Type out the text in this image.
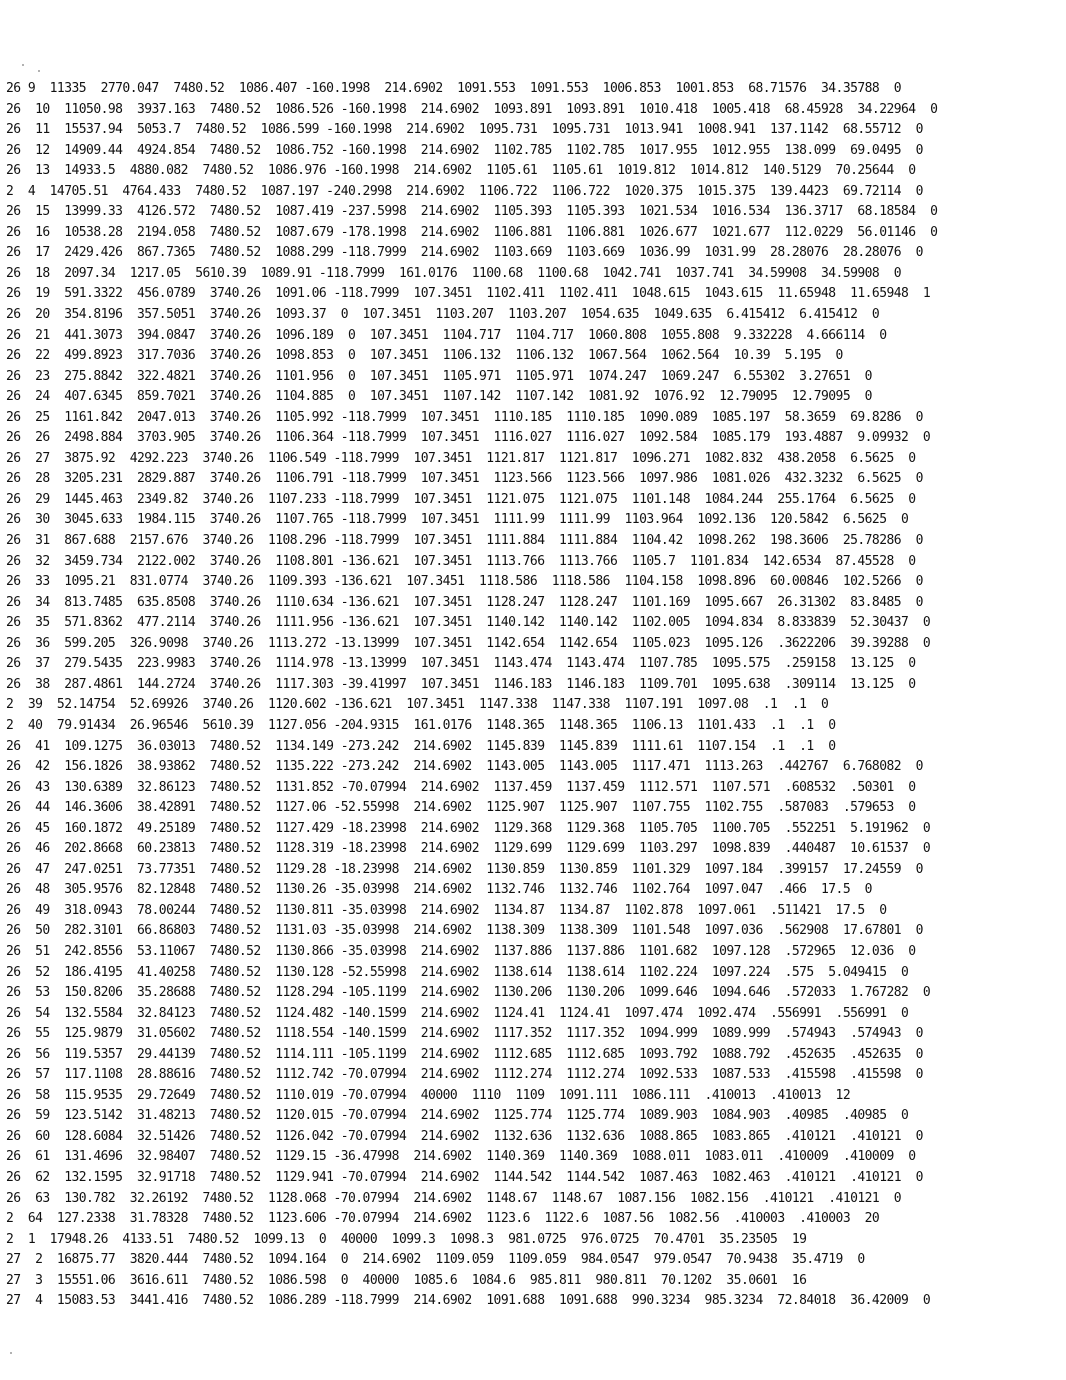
26 9  11335  2770.047  7480.52  1086.407 -160.1998  214.6902  1091.553  1091.553  1006.853  1001.853  68.71576  34.35788  0
26  10  11050.98  3937.163  7480.52  1086.526 -160.1998  214.6902  1093.891  1093.891  1010.418  1005.418  68.45928  34.22964  0
26  11  15537.94  5053.7  7480.52  1086.599 -160.1998  214.6902  1095.731  1095.731  1013.941  1008.941  137.1142  68.55712  0
26  12  14909.44  4924.854  7480.52  1086.752 -160.1998  214.6902  1102.785  1102.785  1017.955  1012.955  138.099  69.0495  0
26  13  14933.5  4880.082  7480.52  1086.976 -160.1998  214.6902  1105.61  1105.61  1019.812  1014.812  140.5129  70.25644  0
2  4  14705.51  4764.433  7480.52  1087.197 -240.2998  214.6902  1106.722  1106.722  1020.375  1015.375  139.4423  69.72114  0
26  15  13999.33  4126.572  7480.52  1087.419 -237.5998  214.6902  1105.393  1105.393  1021.534  1016.534  136.3717  68.18584  0
26  16  10538.28  2194.058  7480.52  1087.679 -178.1998  214.6902  1106.881  1106.881  1026.677  1021.677  112.0229  56.01146  0
26  17  2429.426  867.7365  7480.52  1088.299 -118.7999  214.6902  1103.669  1103.669  1036.99  1031.99  28.28076  28.28076  0
26  18  2097.34  1217.05  5610.39  1089.91 -118.7999  161.0176  1100.68  1100.68  1042.741  1037.741  34.59908  34.59908  0
26  19  591.3322  456.0789  3740.26  1091.06 -118.7999  107.3451  1102.411  1102.411  1048.615  1043.615  11.65948  11.65948  1
26  20  354.8196  357.5051  3740.26  1093.37  0  107.3451  1103.207  1103.207  1054.635  1049.635  6.415412  6.415412  0
26  21  441.3073  394.0847  3740.26  1096.189  0  107.3451  1104.717  1104.717  1060.808  1055.808  9.332228  4.666114  0
26  22  499.8923  317.7036  3740.26  1098.853  0  107.3451  1106.132  1106.132  1067.564  1062.564  10.39  5.195  0
26  23  275.8842  322.4821  3740.26  1101.956  0  107.3451  1105.971  1105.971  1074.247  1069.247  6.55302  3.27651  0
26  24  407.6345  859.7021  3740.26  1104.885  0  107.3451  1107.142  1107.142  1081.92  1076.92  12.79095  12.79095  0
26  25  1161.842  2047.013  3740.26  1105.992 -118.7999  107.3451  1110.185  1110.185  1090.089  1085.197  58.3659  69.8286  0
26  26  2498.884  3703.905  3740.26  1106.364 -118.7999  107.3451  1116.027  1116.027  1092.584  1085.179  193.4887  9.09932  0
26  27  3875.92  4292.223  3740.26  1106.549 -118.7999  107.3451  1121.817  1121.817  1096.271  1082.832  438.2058  6.5625  0
26  28  3205.231  2829.887  3740.26  1106.791 -118.7999  107.3451  1123.566  1123.566  1097.986  1081.026  432.3232  6.5625  0
26  29  1445.463  2349.82  3740.26  1107.233 -118.7999  107.3451  1121.075  1121.075  1101.148  1084.244  255.1764  6.5625  0
26  30  3045.633  1984.115  3740.26  1107.765 -118.7999  107.3451  1111.99  1111.99  1103.964  1092.136  120.5842  6.5625  0
26  31  867.688  2157.676  3740.26  1108.296 -118.7999  107.3451  1111.884  1111.884  1104.42  1098.262  198.3606  25.78286  0
26  32  3459.734  2122.002  3740.26  1108.801 -136.621  107.3451  1113.766  1113.766  1105.7  1101.834  142.6534  87.45528  0
26  33  1095.21  831.0774  3740.26  1109.393 -136.621  107.3451  1118.586  1118.586  1104.158  1098.896  60.00846  102.5266  0
26  34  813.7485  635.8508  3740.26  1110.634 -136.621  107.3451  1128.247  1128.247  1101.169  1095.667  26.31302  83.8485  0
26  35  571.8362  477.2114  3740.26  1111.956 -136.621  107.3451  1140.142  1140.142  1102.005  1094.834  8.833839  52.30437  0
26  36  599.205  326.9098  3740.26  1113.272 -13.13999  107.3451  1142.654  1142.654  1105.023  1095.126  .3622206  39.39288  0
26  37  279.5435  223.9983  3740.26  1114.978 -13.13999  107.3451  1143.474  1143.474  1107.785  1095.575  .259158  13.125  0
26  38  287.4861  144.2724  3740.26  1117.303 -39.41997  107.3451  1146.183  1146.183  1109.701  1095.638  .309114  13.125  0
2  39  52.14754  52.69926  3740.26  1120.602 -136.621  107.3451  1147.338  1147.338  1107.191  1097.08  .1  .1  0
2  40  79.91434  26.96546  5610.39  1127.056 -204.9315  161.0176  1148.365  1148.365  1106.13  1101.433  .1  .1  0
26  41  109.1275  36.03013  7480.52  1134.149 -273.242  214.6902  1145.839  1145.839  1111.61  1107.154  .1  .1  0
26  42  156.1826  38.93862  7480.52  1135.222 -273.242  214.6902  1143.005  1143.005  1117.471  1113.263  .442767  6.768082  0
26  43  130.6389  32.86123  7480.52  1131.852 -70.07994  214.6902  1137.459  1137.459  1112.571  1107.571  .608532  .50301  0
26  44  146.3606  38.42891  7480.52  1127.06 -52.55998  214.6902  1125.907  1125.907  1107.755  1102.755  .587083  .579653  0
26  45  160.1872  49.25189  7480.52  1127.429 -18.23998  214.6902  1129.368  1129.368  1105.705  1100.705  .552251  5.191962  0
26  46  202.8668  60.23813  7480.52  1128.319 -18.23998  214.6902  1129.699  1129.699  1103.297  1098.839  .440487  10.61537  0
26  47  247.0251  73.77351  7480.52  1129.28 -18.23998  214.6902  1130.859  1130.859  1101.329  1097.184  .399157  17.24559  0
26  48  305.9576  82.12848  7480.52  1130.26 -35.03998  214.6902  1132.746  1132.746  1102.764  1097.047  .466  17.5  0
26  49  318.0943  78.00244  7480.52  1130.811 -35.03998  214.6902  1134.87  1134.87  1102.878  1097.061  .511421  17.5  0
26  50  282.3101  66.86803  7480.52  1131.03 -35.03998  214.6902  1138.309  1138.309  1101.548  1097.036  .562908  17.67801  0
26  51  242.8556  53.11067  7480.52  1130.866 -35.03998  214.6902  1137.886  1137.886  1101.682  1097.128  .572965  12.036  0
26  52  186.4195  41.40258  7480.52  1130.128 -52.55998  214.6902  1138.614  1138.614  1102.224  1097.224  .575  5.049415  0
26  53  150.8206  35.28688  7480.52  1128.294 -105.1199  214.6902  1130.206  1130.206  1099.646  1094.646  .572033  1.767282  0
26  54  132.5584  32.84123  7480.52  1124.482 -140.1599  214.6902  1124.41  1124.41  1097.474  1092.474  .556991  .556991  0
26  55  125.9879  31.05602  7480.52  1118.554 -140.1599  214.6902  1117.352  1117.352  1094.999  1089.999  .574943  .574943  0
26  56  119.5357  29.44139  7480.52  1114.111 -105.1199  214.6902  1112.685  1112.685  1093.792  1088.792  .452635  .452635  0
26  57  117.1108  28.88616  7480.52  1112.742 -70.07994  214.6902  1112.274  1112.274  1092.533  1087.533  .415598  .415598  0
26  58  115.9535  29.72649  7480.52  1110.019 -70.07994  40000  1110  1109  1091.111  1086.111  .410013  .410013  12
26  59  123.5142  31.48213  7480.52  1120.015 -70.07994  214.6902  1125.774  1125.774  1089.903  1084.903  .40985  .40985  0
26  60  128.6084  32.51426  7480.52  1126.042 -70.07994  214.6902  1132.636  1132.636  1088.865  1083.865  .410121  .410121  0
26  61  131.4696  32.98407  7480.52  1129.15 -36.47998  214.6902  1140.369  1140.369  1088.011  1083.011  .410009  .410009  0
26  62  132.1595  32.91718  7480.52  1129.941 -70.07994  214.6902  1144.542  1144.542  1087.463  1082.463  .410121  .410121  0
26  63  130.782  32.26192  7480.52  1128.068 -70.07994  214.6902  1148.67  1148.67  1087.156  1082.156  .410121  .410121  0
2  64  127.2338  31.78328  7480.52  1123.606 -70.07994  214.6902  1123.6  1122.6  1087.56  1082.56  .410003  .410003  20
2  1  17948.26  4133.51  7480.52  1099.13  0  40000  1099.3  1098.3  981.0725  976.0725  70.4701  35.23505  19
27  2  16875.77  3820.444  7480.52  1094.164  0  214.6902  1109.059  1109.059  984.0547  979.0547  70.9438  35.4719  0
27  3  15551.06  3616.611  7480.52  1086.598  0  40000  1085.6  1084.6  985.811  980.811  70.1202  35.0601  16
27  4  15083.53  3441.416  7480.52  1086.289 -118.7999  214.6902  1091.688  1091.688  990.3234  985.3234  72.84018  36.42009  0
